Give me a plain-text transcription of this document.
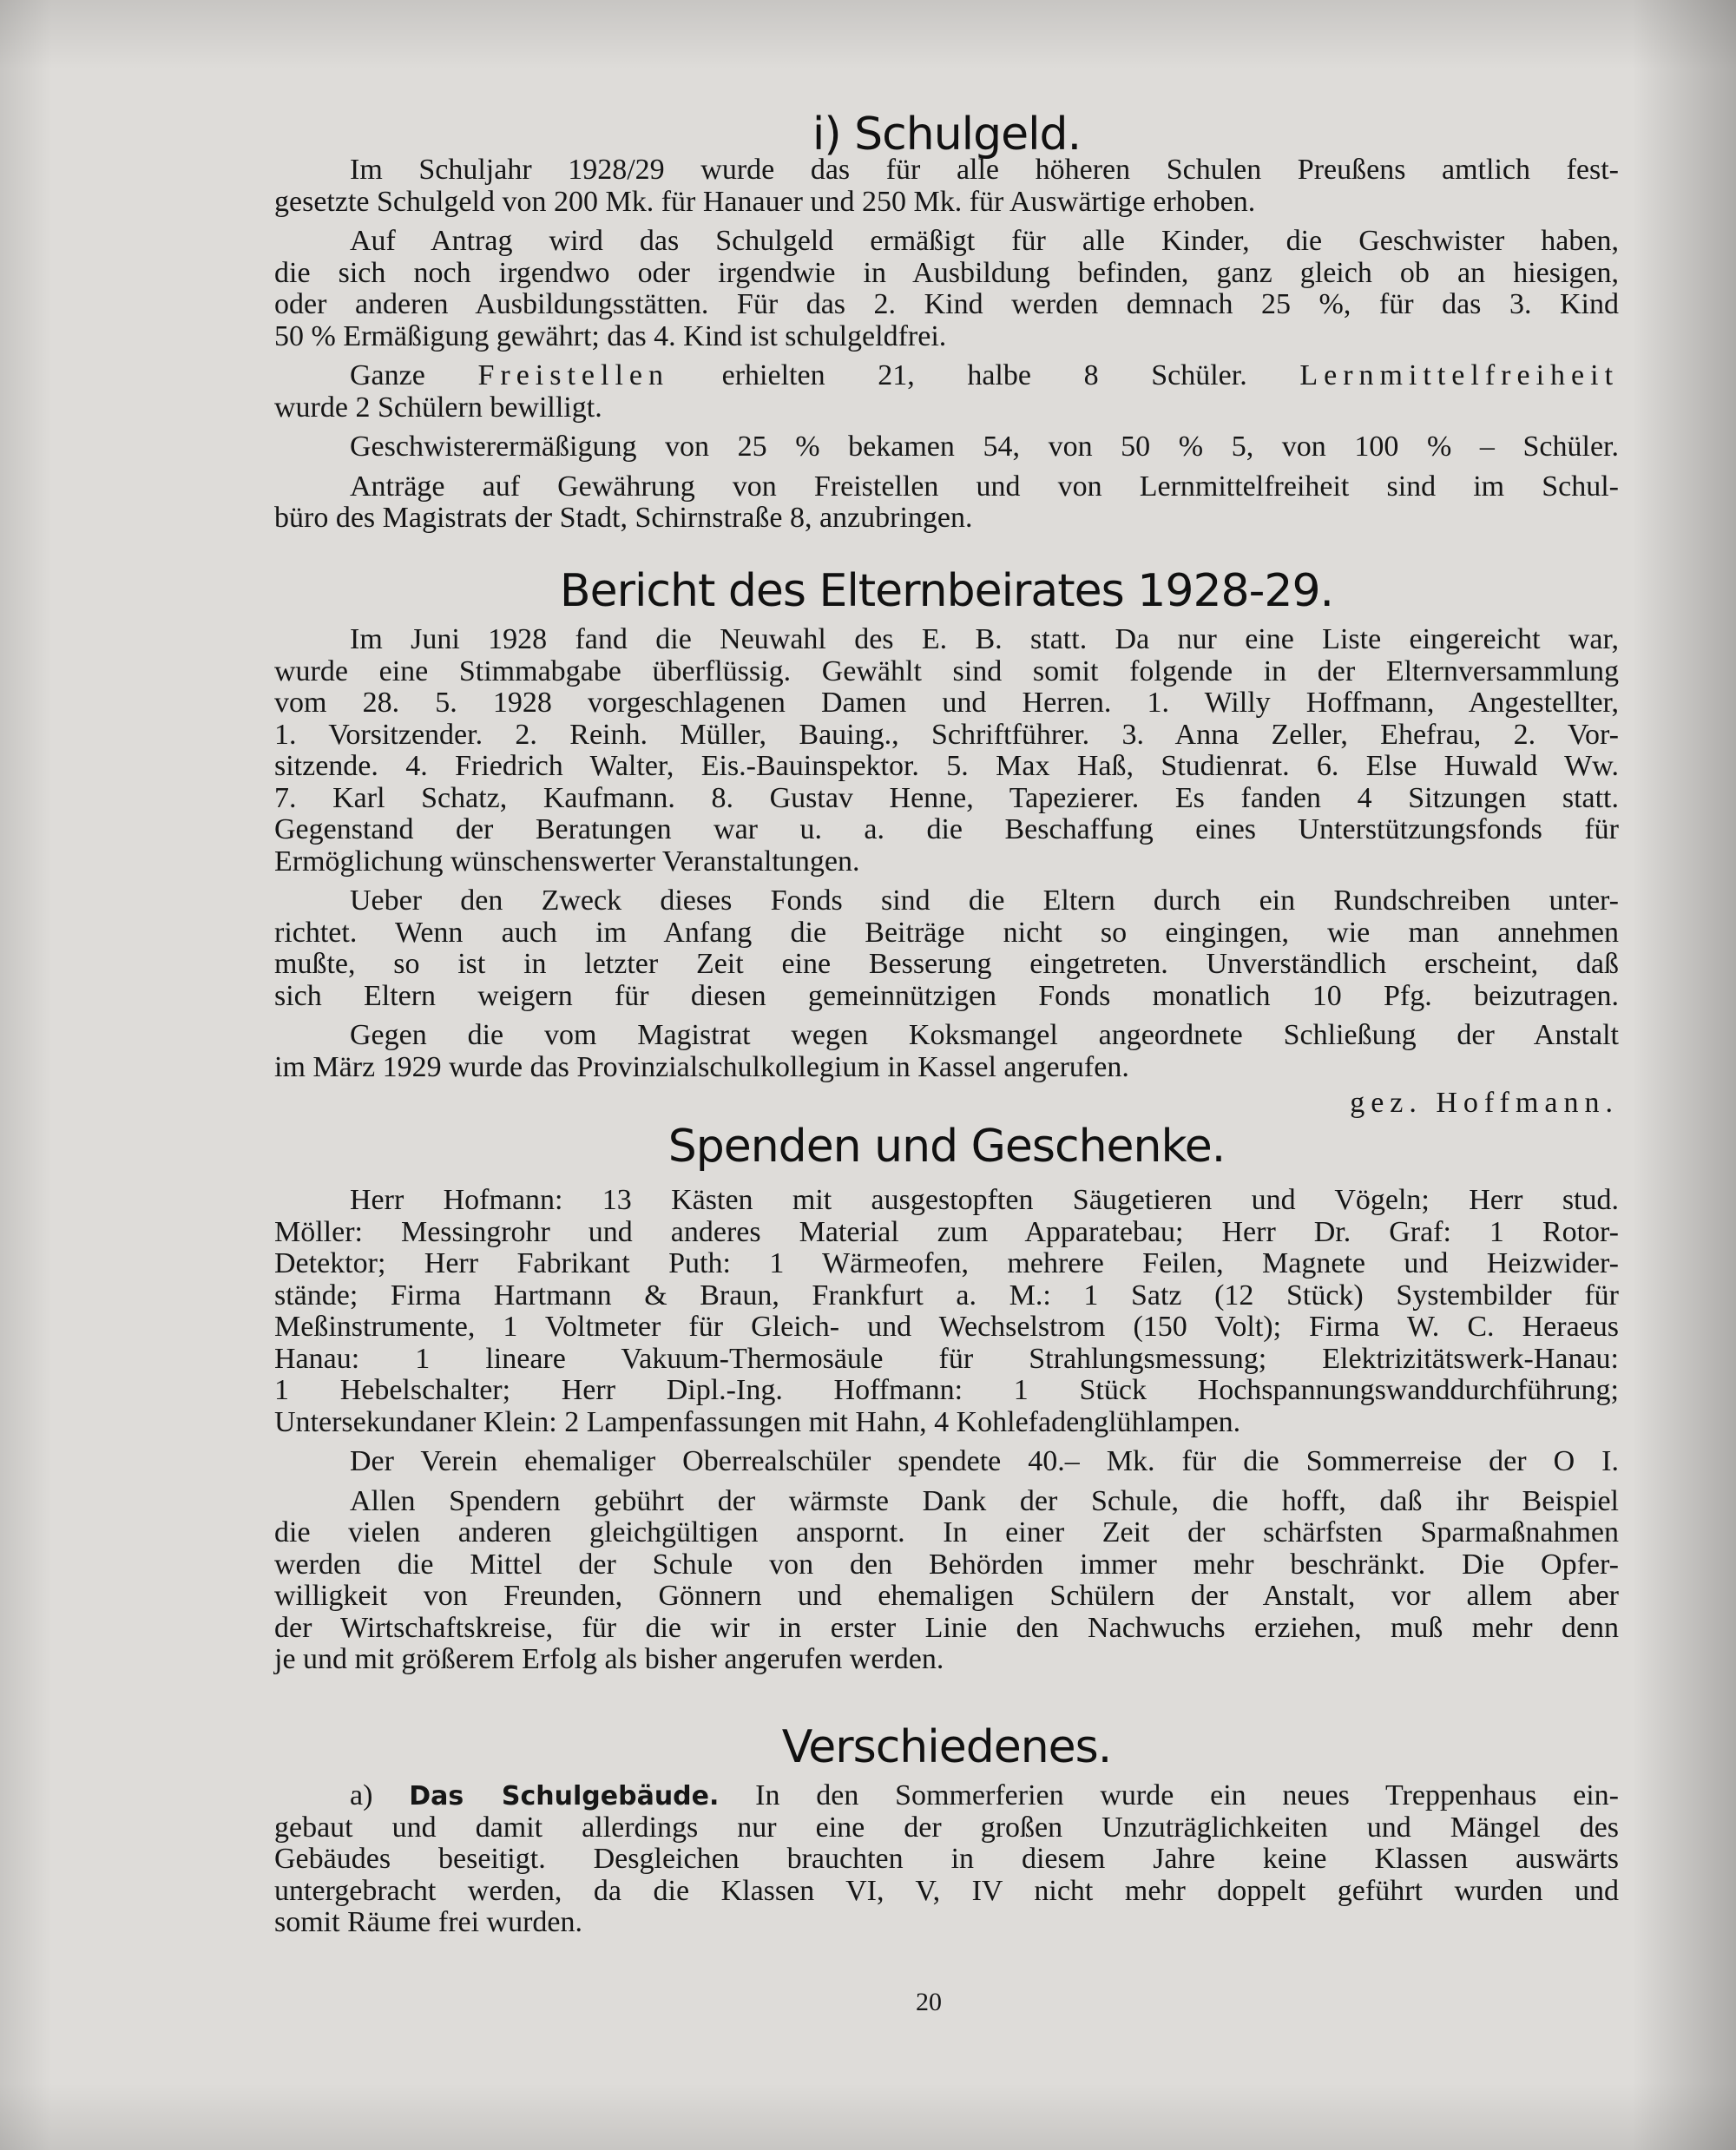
i) Schulgeld.
Im Schuljahr 1928/29 wurde das für alle höheren Schulen Preußens amtlich fest-
gesetzte Schulgeld von 200 Mk. für Hanauer und 250 Mk. für Auswärtige erhoben.
Auf Antrag wird das Schulgeld ermäßigt für alle Kinder, die Geschwister haben,
die sich noch irgendwo oder irgendwie in Ausbildung befinden, ganz gleich ob an hiesigen,
oder anderen Ausbildungsstätten. Für das 2. Kind werden demnach 25 %, für das 3. Kind
50 % Ermäßigung gewährt; das 4. Kind ist schulgeldfrei.
Ganze Freistellen erhielten 21, halbe 8 Schüler. Lernmittelfreiheit
wurde 2 Schülern bewilligt.
Geschwisterermäßigung von 25 % bekamen 54, von 50 % 5, von 100 % – Schüler.
Anträge auf Gewährung von Freistellen und von Lernmittelfreiheit sind im Schul-
büro des Magistrats der Stadt, Schirnstraße 8, anzubringen.
Bericht des Elternbeirates 1928-29.
Im Juni 1928 fand die Neuwahl des E. B. statt. Da nur eine Liste eingereicht war,
wurde eine Stimmabgabe überflüssig. Gewählt sind somit folgende in der Elternversammlung
vom 28. 5. 1928 vorgeschlagenen Damen und Herren. 1. Willy Hoffmann, Angestellter,
1. Vorsitzender. 2. Reinh. Müller, Bauing., Schriftführer. 3. Anna Zeller, Ehefrau, 2. Vor-
sitzende. 4. Friedrich Walter, Eis.-Bauinspektor. 5. Max Haß, Studienrat. 6. Else Huwald Ww.
7. Karl Schatz, Kaufmann. 8. Gustav Henne, Tapezierer. Es fanden 4 Sitzungen statt.
Gegenstand der Beratungen war u. a. die Beschaffung eines Unterstützungsfonds für
Ermöglichung wünschenswerter Veranstaltungen.
Ueber den Zweck dieses Fonds sind die Eltern durch ein Rundschreiben unter-
richtet. Wenn auch im Anfang die Beiträge nicht so eingingen, wie man annehmen
mußte, so ist in letzter Zeit eine Besserung eingetreten. Unverständlich erscheint, daß
sich Eltern weigern für diesen gemeinnützigen Fonds monatlich 10 Pfg. beizutragen.
Gegen die vom Magistrat wegen Koksmangel angeordnete Schließung der Anstalt
im März 1929 wurde das Provinzialschulkollegium in Kassel angerufen.
gez. Hoffmann.
Spenden und Geschenke.
Herr Hofmann: 13 Kästen mit ausgestopften Säugetieren und Vögeln; Herr stud.
Möller: Messingrohr und anderes Material zum Apparatebau; Herr Dr. Graf: 1 Rotor-
Detektor; Herr Fabrikant Puth: 1 Wärmeofen, mehrere Feilen, Magnete und Heizwider-
stände; Firma Hartmann & Braun, Frankfurt a. M.: 1 Satz (12 Stück) Systembilder für
Meßinstrumente, 1 Voltmeter für Gleich- und Wechselstrom (150 Volt); Firma W. C. Heraeus
Hanau: 1 lineare Vakuum-Thermosäule für Strahlungsmessung; Elektrizitätswerk-Hanau:
1 Hebelschalter; Herr Dipl.-Ing. Hoffmann: 1 Stück Hochspannungswanddurchführung;
Untersekundaner Klein: 2 Lampenfassungen mit Hahn, 4 Kohlefadenglühlampen.
Der Verein ehemaliger Oberrealschüler spendete 40.– Mk. für die Sommerreise der O I.
Allen Spendern gebührt der wärmste Dank der Schule, die hofft, daß ihr Beispiel
die vielen anderen gleichgültigen anspornt. In einer Zeit der schärfsten Sparmaßnahmen
werden die Mittel der Schule von den Behörden immer mehr beschränkt. Die Opfer-
willigkeit von Freunden, Gönnern und ehemaligen Schülern der Anstalt, vor allem aber
der Wirtschaftskreise, für die wir in erster Linie den Nachwuchs erziehen, muß mehr denn
je und mit größerem Erfolg als bisher angerufen werden.
Verschiedenes.
a) Das Schulgebäude. In den Sommerferien wurde ein neues Treppenhaus ein-
gebaut und damit allerdings nur eine der großen Unzuträglichkeiten und Mängel des
Gebäudes beseitigt. Desgleichen brauchten in diesem Jahre keine Klassen auswärts
untergebracht werden, da die Klassen VI, V, IV nicht mehr doppelt geführt wurden und
somit Räume frei wurden.
20
